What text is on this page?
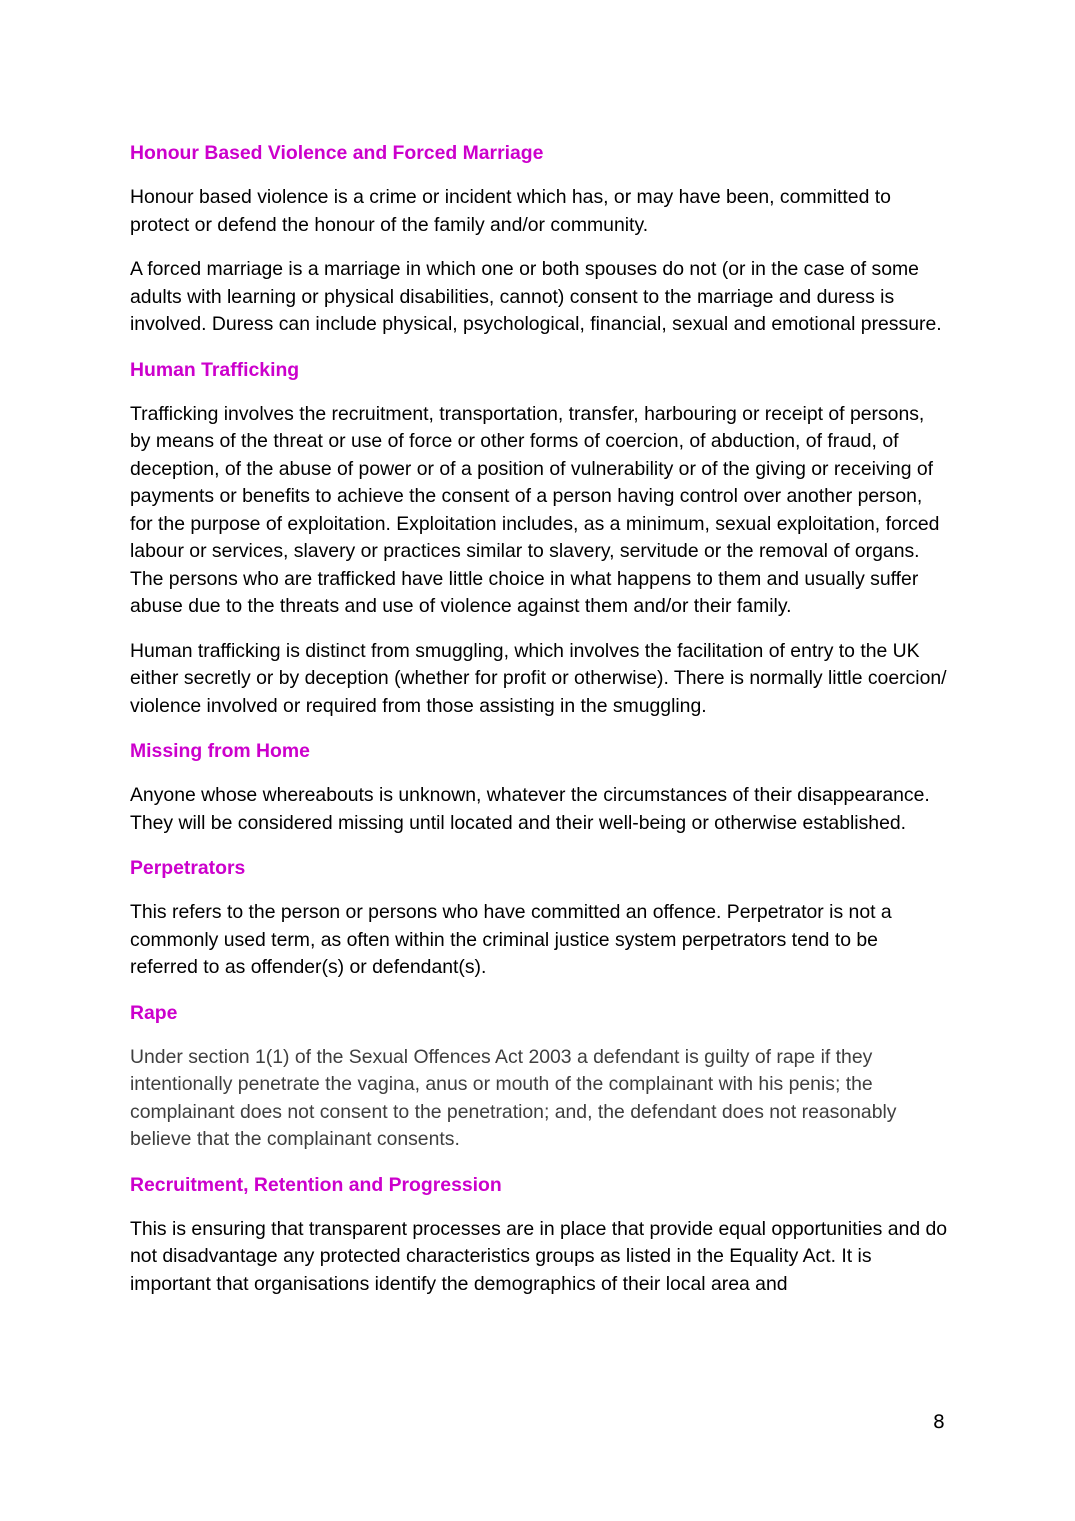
Honour Based Violence and Forced Marriage

Honour based violence is a crime or incident which has, or may have been, committed to protect or defend the honour of the family and/or community.

A forced marriage is a marriage in which one or both spouses do not (or in the case of some adults with learning or physical disabilities, cannot) consent to the marriage and duress is involved. Duress can include physical, psychological, financial, sexual and emotional pressure.

Human Trafficking

Trafficking involves the recruitment, transportation, transfer, harbouring or receipt of persons, by means of the threat or use of force or other forms of coercion, of abduction, of fraud, of deception, of the abuse of power or of a position of vulnerability or of the giving or receiving of payments or benefits to achieve the consent of a person having control over another person, for the purpose of exploitation. Exploitation includes, as a minimum, sexual exploitation, forced labour or services, slavery or practices similar to slavery, servitude or the removal of organs. The persons who are trafficked have little choice in what happens to them and usually suffer abuse due to the threats and use of violence against them and/or their family.

Human trafficking is distinct from smuggling, which involves the facilitation of entry to the UK either secretly or by deception (whether for profit or otherwise). There is normally little coercion/ violence involved or required from those assisting in the smuggling.

Missing from Home

Anyone whose whereabouts is unknown, whatever the circumstances of their disappearance. They will be considered missing until located and their well-being or otherwise established.

Perpetrators

This refers to the person or persons who have committed an offence. Perpetrator is not a commonly used term, as often within the criminal justice system perpetrators tend to be referred to as offender(s) or defendant(s).

Rape

Under section 1(1) of the Sexual Offences Act 2003 a defendant is guilty of rape if they intentionally penetrate the vagina, anus or mouth of the complainant with his penis; the complainant does not consent to the penetration; and, the defendant does not reasonably believe that the complainant consents.

Recruitment, Retention and Progression

This is ensuring that transparent processes are in place that provide equal opportunities and do not disadvantage any protected characteristics groups as listed in the Equality Act. It is important that organisations identify the demographics of their local area and

8
